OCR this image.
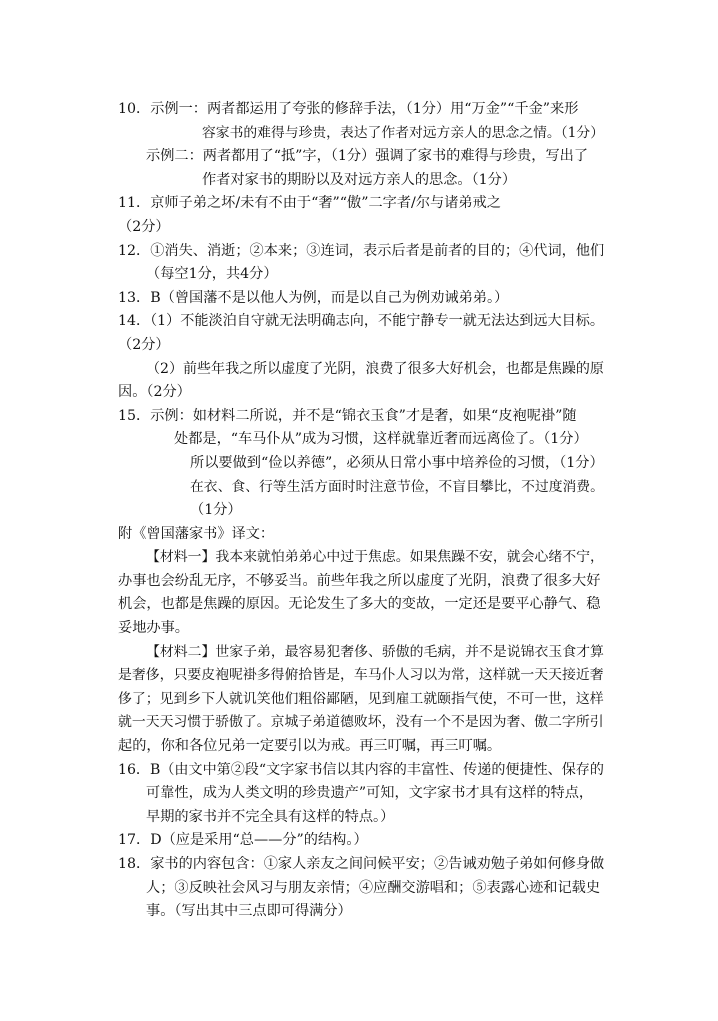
10．示例一：两者都运用了夸张的修辞手法，（1分）用“万金”“千金”来形
容家书的难得与珍贵，表达了作者对远方亲人的思念之情。（1分）
示例二：两者都用了“抵”字，（1分）强调了家书的难得与珍贵，写出了
作者对家书的期盼以及对远方亲人的思念。（1分）
11．京师子弟之坏/未有不由于“奢”“傲”二字者/尔与诸弟戒之
（2分）
12．①消失、消逝；②本来；③连词，表示后者是前者的目的；④代词，他们
（每空1分，共4分）
13．B（曾国藩不是以他人为例，而是以自己为例劝诫弟弟。）
14．（1）不能淡泊自守就无法明确志向，不能宁静专一就无法达到远大目标。
（2分）
（2）前些年我之所以虚度了光阴，浪费了很多大好机会，也都是焦躁的原
因。（2分）
15．示例：如材料二所说，并不是“锦衣玉食”才是奢，如果“皮袍呢褂”随
处都是，“车马仆从”成为习惯，这样就靠近奢而远离俭了。（1分）
所以要做到“俭以养德”，必须从日常小事中培养俭的习惯，（1分）
在衣、食、行等生活方面时时注意节俭，不盲目攀比，不过度消费。
（1分）
附《曾国藩家书》译文：
【材料一】我本来就怕弟弟心中过于焦虑。如果焦躁不安，就会心绪不宁，
办事也会纷乱无序，不够妥当。前些年我之所以虚度了光阴，浪费了很多大好
机会，也都是焦躁的原因。无论发生了多大的变故，一定还是要平心静气、稳
妥地办事。
【材料二】世家子弟，最容易犯奢侈、骄傲的毛病，并不是说锦衣玉食才算
是奢侈，只要皮袍呢褂多得俯拾皆是，车马仆人习以为常，这样就一天天接近奢
侈了；见到乡下人就讥笑他们粗俗鄙陋，见到雇工就颐指气使，不可一世，这样
就一天天习惯于骄傲了。京城子弟道德败坏，没有一个不是因为奢、傲二字所引
起的，你和各位兄弟一定要引以为戒。再三叮嘱，再三叮嘱。
16．B（由文中第②段“文字家书信以其内容的丰富性、传递的便捷性、保存的
可靠性，成为人类文明的珍贵遗产”可知，文字家书才具有这样的特点，
早期的家书并不完全具有这样的特点。）
17．D（应是采用“总——分”的结构。）
18．家书的内容包含：①家人亲友之间问候平安；②告诫劝勉子弟如何修身做
人；③反映社会风习与朋友亲情；④应酬交游唱和；⑤表露心迹和记载史
事。（写出其中三点即可得满分）
